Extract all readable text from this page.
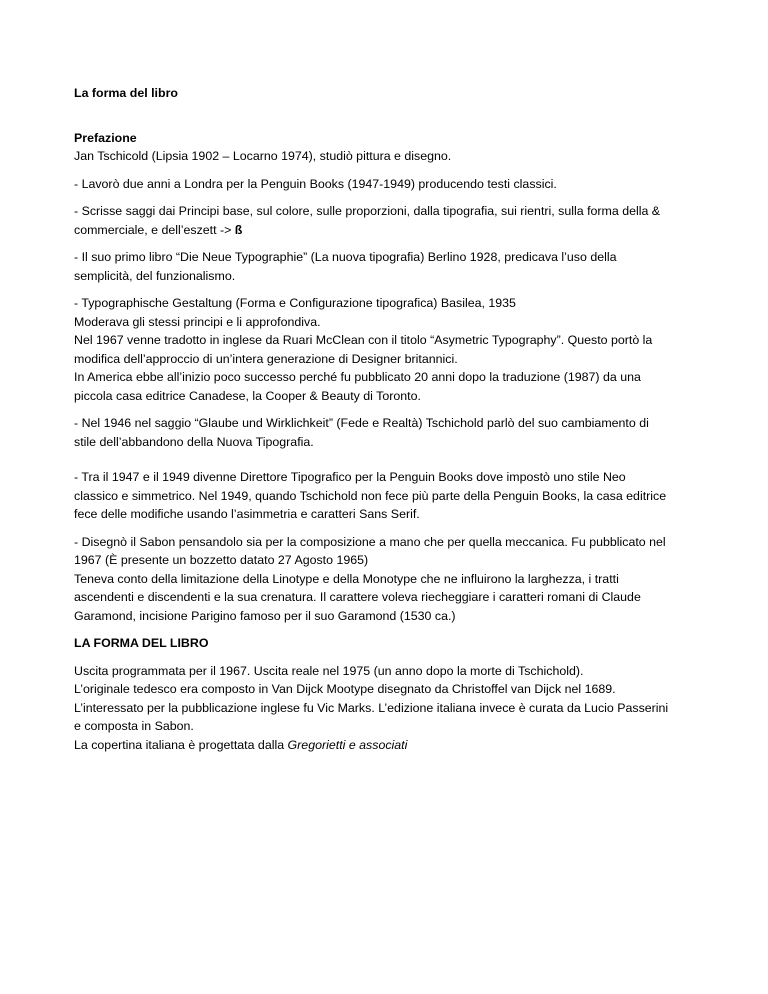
La forma del libro

Prefazione

Jan Tschicold (Lipsia 1902 – Locarno 1974), studiò pittura e disegno.

- Lavorò due anni a Londra per la Penguin Books (1947-1949) producendo testi classici.

- Scrisse saggi dai Principi base, sul colore, sulle proporzioni, dalla tipografia, sui rientri, sulla forma della &

commerciale, e dell’eszett -> ß

- Il suo primo libro “Die Neue Typographie” (La nuova tipografia) Berlino 1928, predicava l’uso della

semplicità, del funzionalismo.

- Typographische Gestaltung (Forma e Configurazione tipografica) Basilea, 1935

Moderava gli stessi principi e li approfondiva.

Nel 1967 venne tradotto in inglese da Ruari McClean con il titolo “Asymetric Typography”. Questo portò la

modifica dell’approccio di un’intera generazione di Designer britannici.

In America ebbe all’inizio poco successo perché fu pubblicato 20 anni dopo la traduzione (1987) da una

piccola casa editrice Canadese, la Cooper & Beauty di Toronto.

- Nel 1946 nel saggio “Glaube und Wirklichkeit” (Fede e Realtà) Tschichold parlò del suo cambiamento di

stile dell’abbandono della Nuova Tipografia.

- Tra il 1947 e il 1949 divenne Direttore Tipografico per la Penguin Books dove impostò uno stile Neo

classico e simmetrico. Nel 1949, quando Tschichold non fece più parte della Penguin Books, la casa editrice

fece delle modifiche usando l’asimmetria e caratteri Sans Serif.

- Disegnò il Sabon pensandolo sia per la composizione a mano che per quella meccanica. Fu pubblicato nel

1967 (È presente un bozzetto datato 27 Agosto 1965)

Teneva conto della limitazione della Linotype e della Monotype che ne influirono la larghezza, i tratti

ascendenti e discendenti e la sua crenatura. Il carattere voleva riecheggiare i caratteri romani di Claude

Garamond, incisione Parigino famoso per il suo Garamond (1530 ca.)

LA FORMA DEL LIBRO

Uscita programmata per il 1967. Uscita reale nel 1975 (un anno dopo la morte di Tschichold).

L’originale tedesco era composto in Van Dijck Mootype disegnato da Christoffel van Dijck nel 1689.

L’interessato per la pubblicazione inglese fu Vic Marks. L’edizione italiana invece è curata da Lucio Passerini

e composta in Sabon.

La copertina italiana è progettata dalla Gregorietti e associati
